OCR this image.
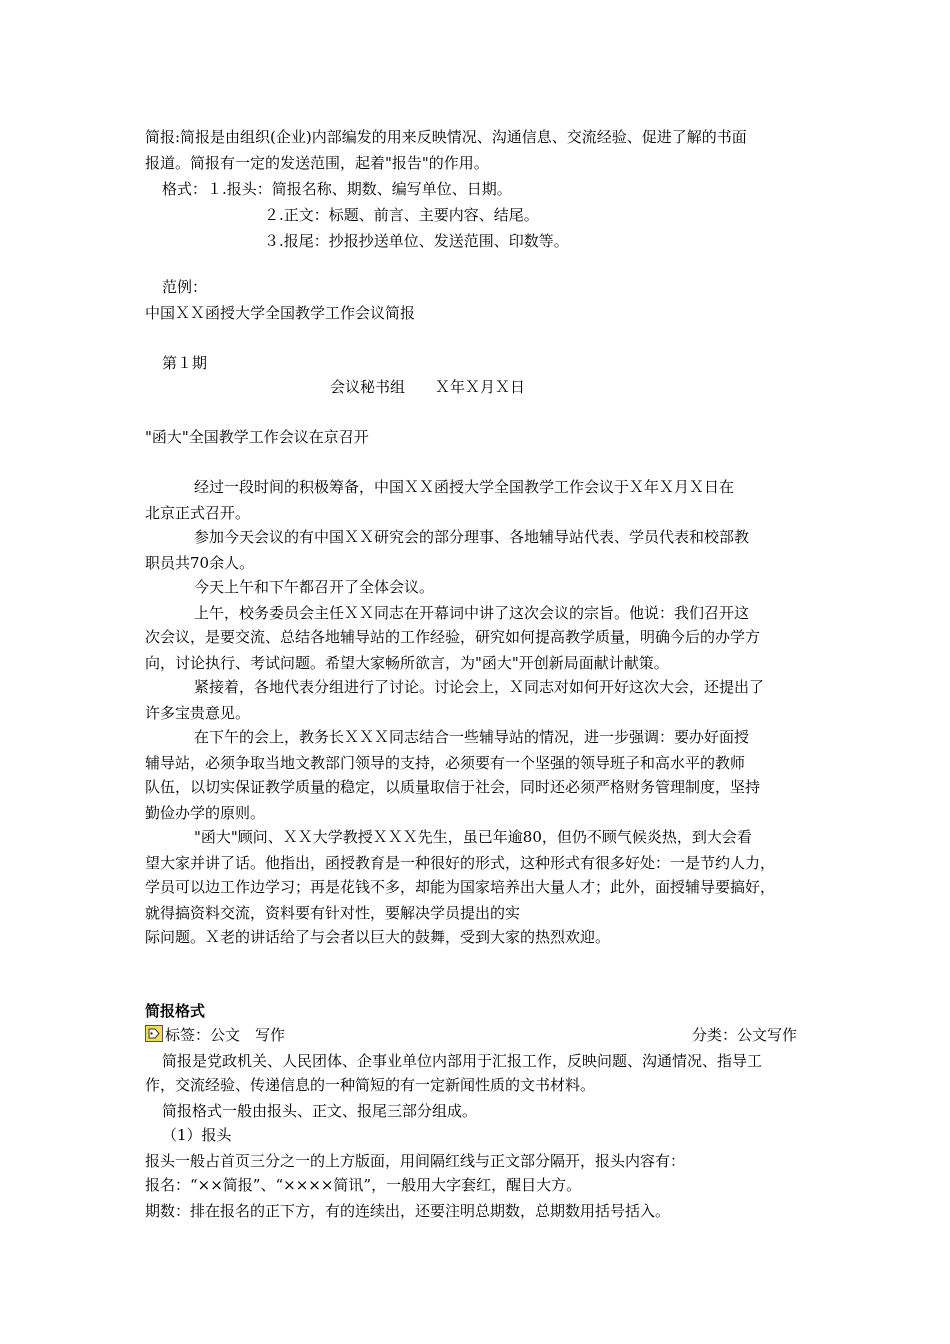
简报:简报是由组织(企业)内部编发的用来反映情况、沟通信息、交流经验、促进了解的书面
报道。简报有一定的发送范围，起着"报告"的作用。
格式：１.报头：简报名称、期数、编写单位、日期。
２.正文：标题、前言、主要内容、结尾。
３.报尾：抄报抄送单位、发送范围、印数等。
范例：
中国ＸＸ函授大学全国教学工作会议简报
第１期
会议秘书组　　Ｘ年Ｘ月Ｘ日
"函大"全国教学工作会议在京召开
经过一段时间的积极筹备，中国ＸＸ函授大学全国教学工作会议于Ｘ年Ｘ月Ｘ日在
北京正式召开。
参加今天会议的有中国ＸＸ研究会的部分理事、各地辅导站代表、学员代表和校部教
职员共70余人。
今天上午和下午都召开了全体会议。
上午，校务委员会主任ＸＸ同志在开幕词中讲了这次会议的宗旨。他说：我们召开这
次会议，是要交流、总结各地辅导站的工作经验，研究如何提高教学质量，明确今后的办学方
向，讨论执行、考试问题。希望大家畅所欲言，为"函大"开创新局面献计献策。
紧接着，各地代表分组进行了讨论。讨论会上，Ｘ同志对如何开好这次大会，还提出了
许多宝贵意见。
在下午的会上，教务长ＸＸＸ同志结合一些辅导站的情况，进一步强调：要办好面授
辅导站，必须争取当地文教部门领导的支持，必须要有一个坚强的领导班子和高水平的教师
队伍，以切实保证教学质量的稳定，以质量取信于社会，同时还必须严格财务管理制度，坚持
勤俭办学的原则。
"函大"顾问、ＸＸ大学教授ＸＸＸ先生，虽已年逾80，但仍不顾气候炎热，到大会看
望大家并讲了话。他指出，函授教育是一种很好的形式，这种形式有很多好处：一是节约人力，
学员可以边工作边学习；再是花钱不多，却能为国家培养出大量人才；此外，面授辅导要搞好，
就得搞资料交流，资料要有针对性，要解决学员提出的实
际问题。Ｘ老的讲话给了与会者以巨大的鼓舞，受到大家的热烈欢迎。
简报格式
标签：公文　写作	分类：公文写作
简报是党政机关、人民团体、企事业单位内部用于汇报工作，反映问题、沟通情况、指导工
作，交流经验、传递信息的一种简短的有一定新闻性质的文书材料。
简报格式一般由报头、正文、报尾三部分组成。
（1）报头
报头一般占首页三分之一的上方版面，用间隔红线与正文部分隔开，报头内容有：
报名：“××简报”、“××××简讯”，一般用大字套红，醒目大方。
期数：排在报名的正下方，有的连续出，还要注明总期数，总期数用括号括入。
